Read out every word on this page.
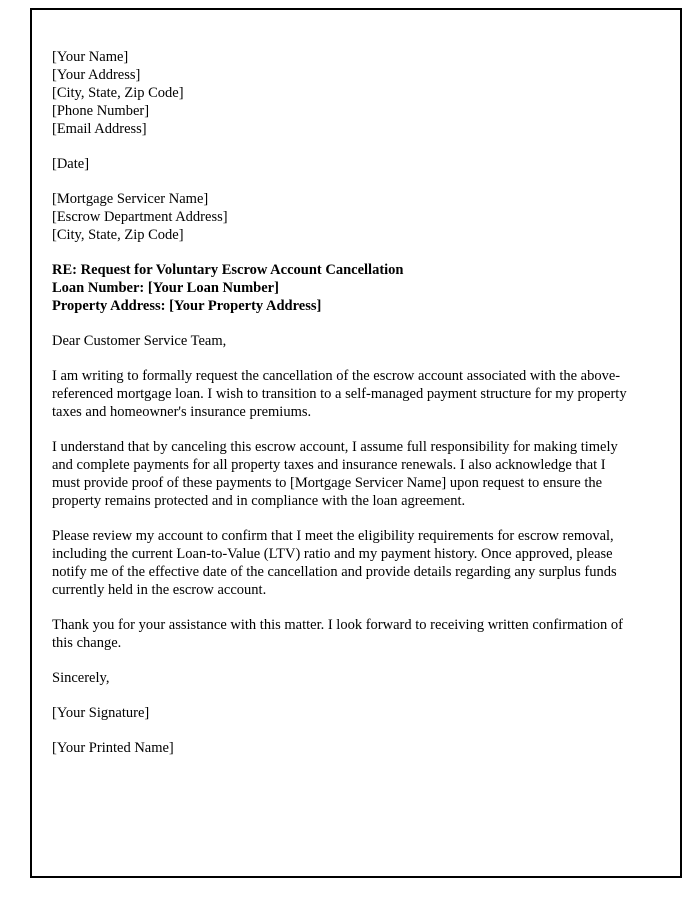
[Your Name]
[Your Address]
[City, State, Zip Code]
[Phone Number]
[Email Address]
[Date]
[Mortgage Servicer Name]
[Escrow Department Address]
[City, State, Zip Code]
RE: Request for Voluntary Escrow Account Cancellation
Loan Number: [Your Loan Number]
Property Address: [Your Property Address]
Dear Customer Service Team,

I am writing to formally request the cancellation of the escrow account associated with the above-referenced mortgage loan. I wish to transition to a self-managed payment structure for my property taxes and homeowner's insurance premiums.

I understand that by canceling this escrow account, I assume full responsibility for making timely and complete payments for all property taxes and insurance renewals. I also acknowledge that I must provide proof of these payments to [Mortgage Servicer Name] upon request to ensure the property remains protected and in compliance with the loan agreement.

Please review my account to confirm that I meet the eligibility requirements for escrow removal, including the current Loan-to-Value (LTV) ratio and my payment history. Once approved, please notify me of the effective date of the cancellation and provide details regarding any surplus funds currently held in the escrow account.

Thank you for your assistance with this matter. I look forward to receiving written confirmation of this change.

Sincerely,
[Your Signature]
[Your Printed Name]
